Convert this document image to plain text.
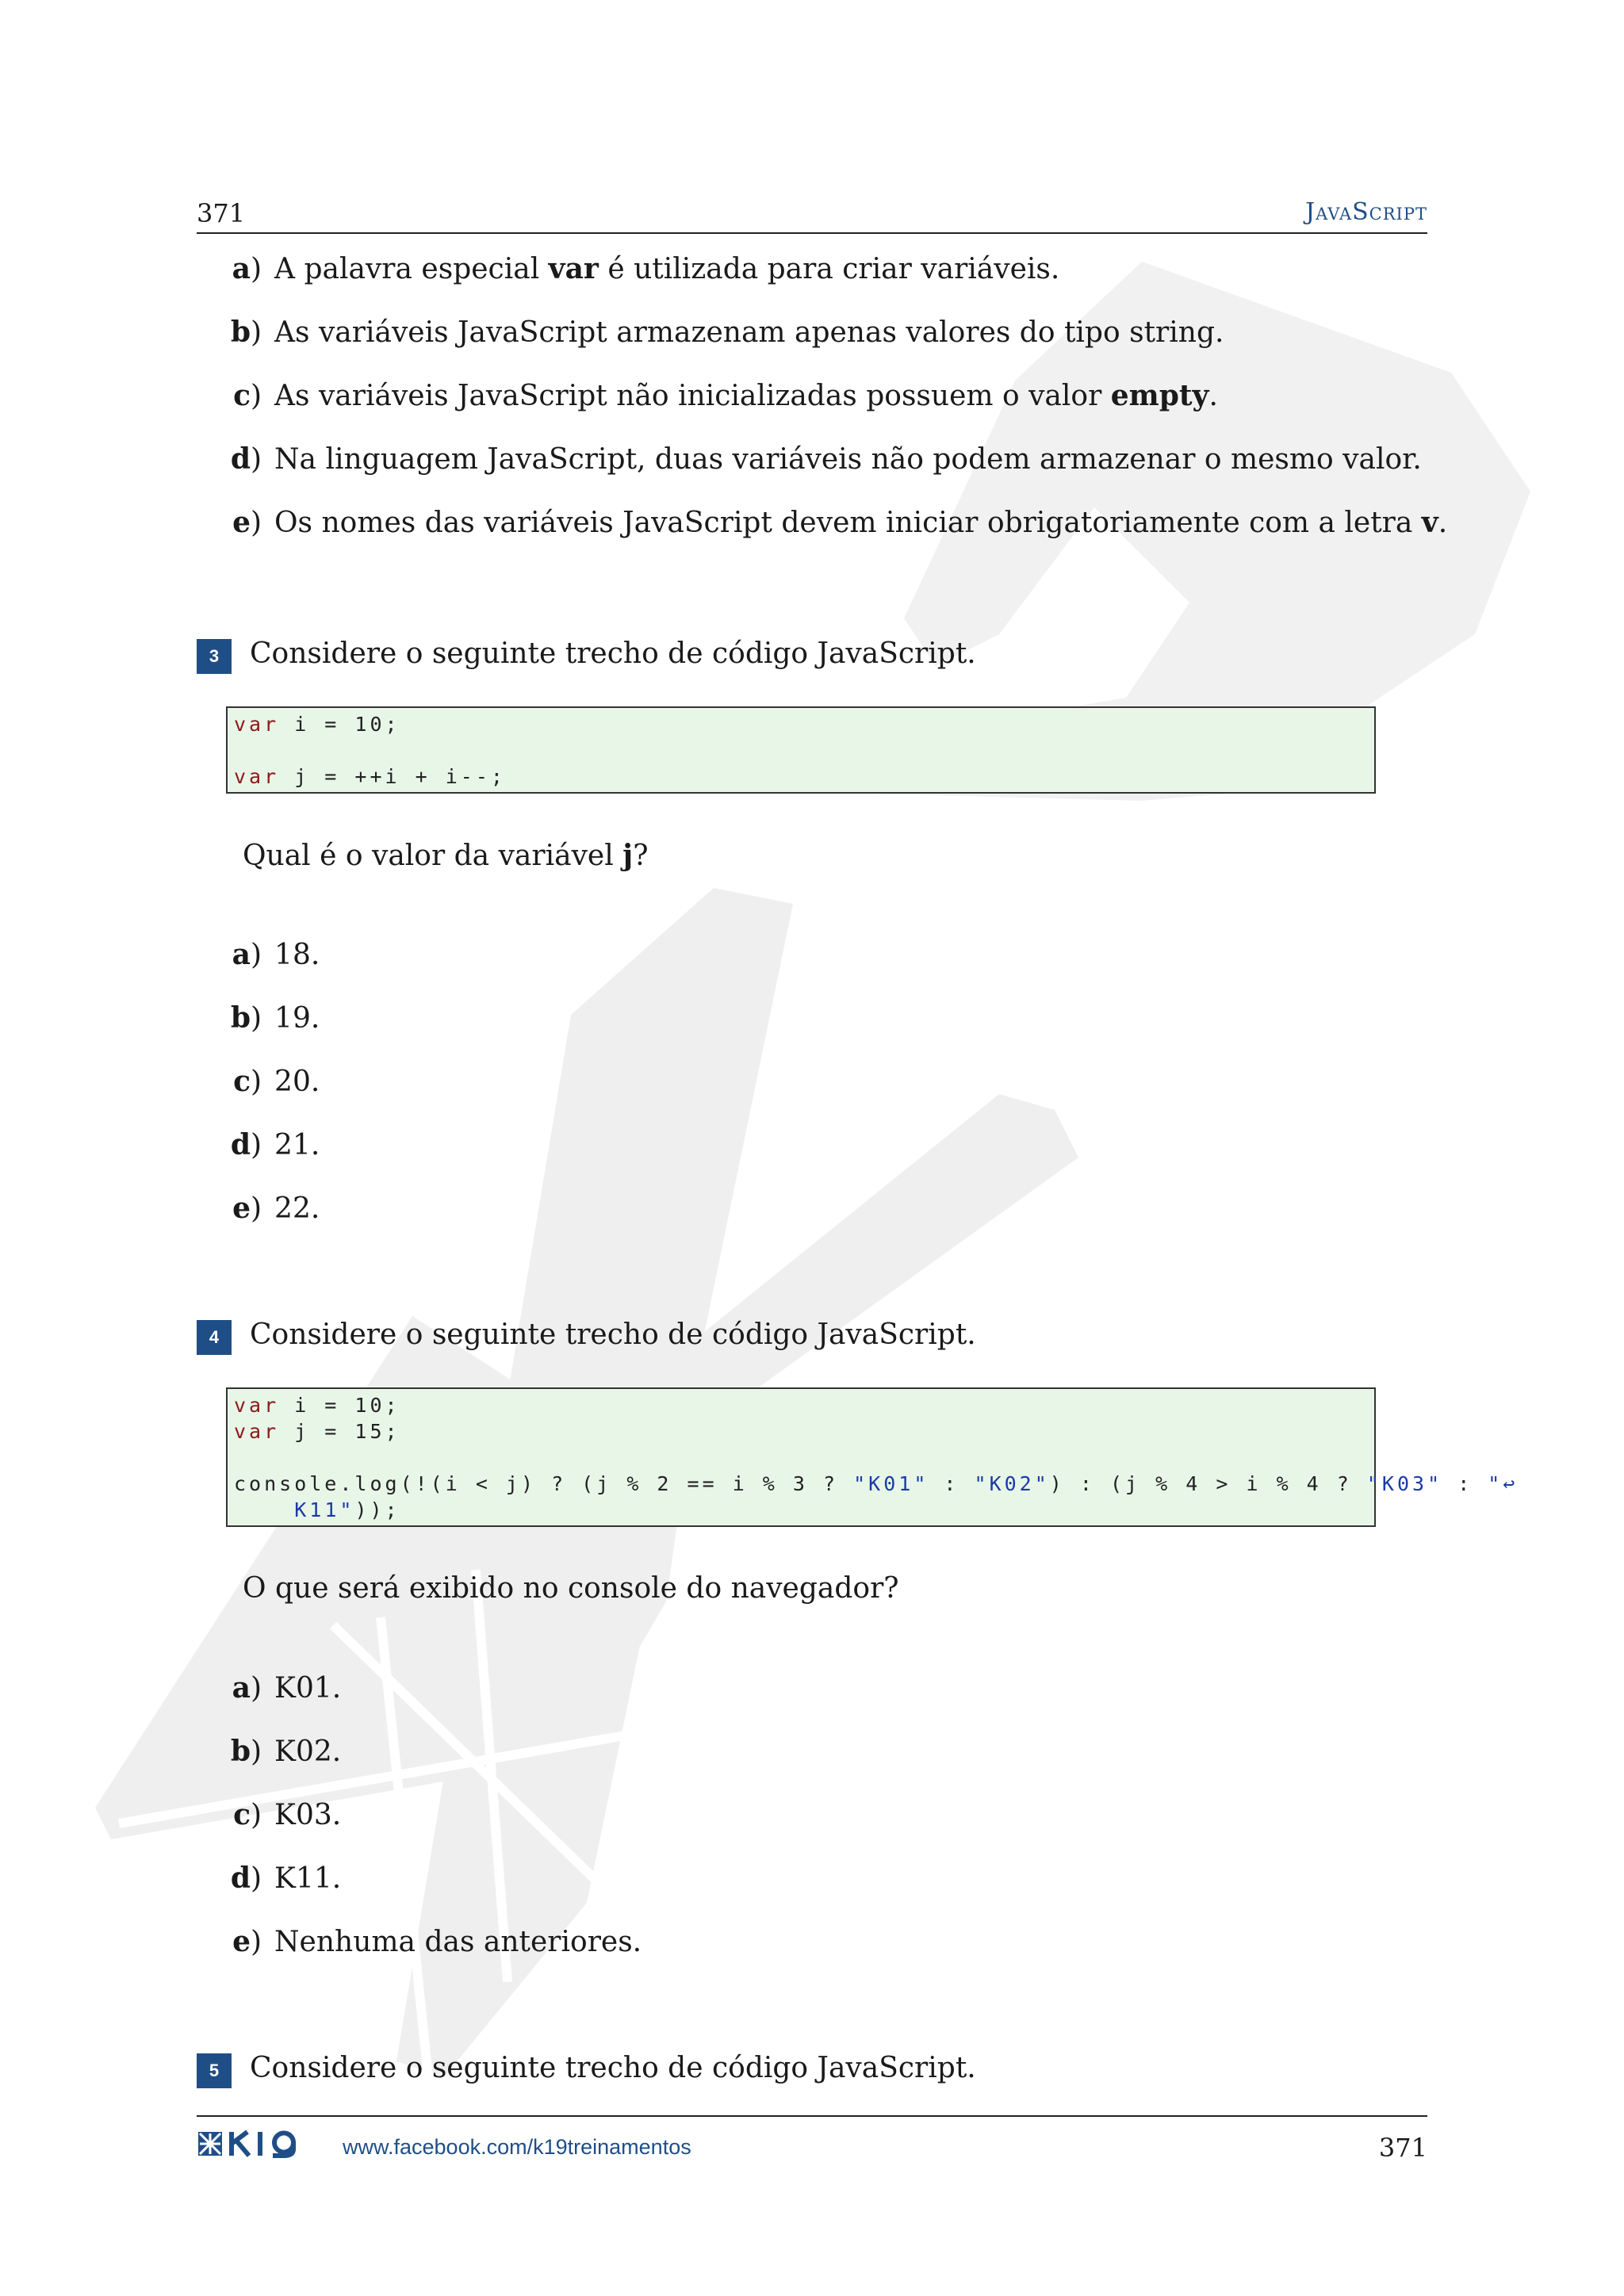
371	JavaScript
a) A palavra especial var é utilizada para criar variáveis.
b) As variáveis JavaScript armazenam apenas valores do tipo string.
c) As variáveis JavaScript não inicializadas possuem o valor empty.
d) Na linguagem JavaScript, duas variáveis não podem armazenar o mesmo valor.
e) Os nomes das variáveis JavaScript devem iniciar obrigatoriamente com a letra v.
3	Considere o seguinte trecho de código JavaScript.
var i = 10;

var j = ++i + i--;
Qual é o valor da variável j?
a) 18.
b) 19.
c) 20.
d) 21.
e) 22.
4	Considere o seguinte trecho de código JavaScript.
var i = 10;
var j = 15;

console.log(!(i < j) ? (j % 2 == i % 3 ? "K01" : "K02") : (j % 4 > i % 4 ? "K03" : "↩
K11"));
O que será exibido no console do navegador?
a) K01.
b) K02.
c) K03.
d) K11.
e) Nenhuma das anteriores.
5	Considere o seguinte trecho de código JavaScript.
www.facebook.com/k19treinamentos	371
